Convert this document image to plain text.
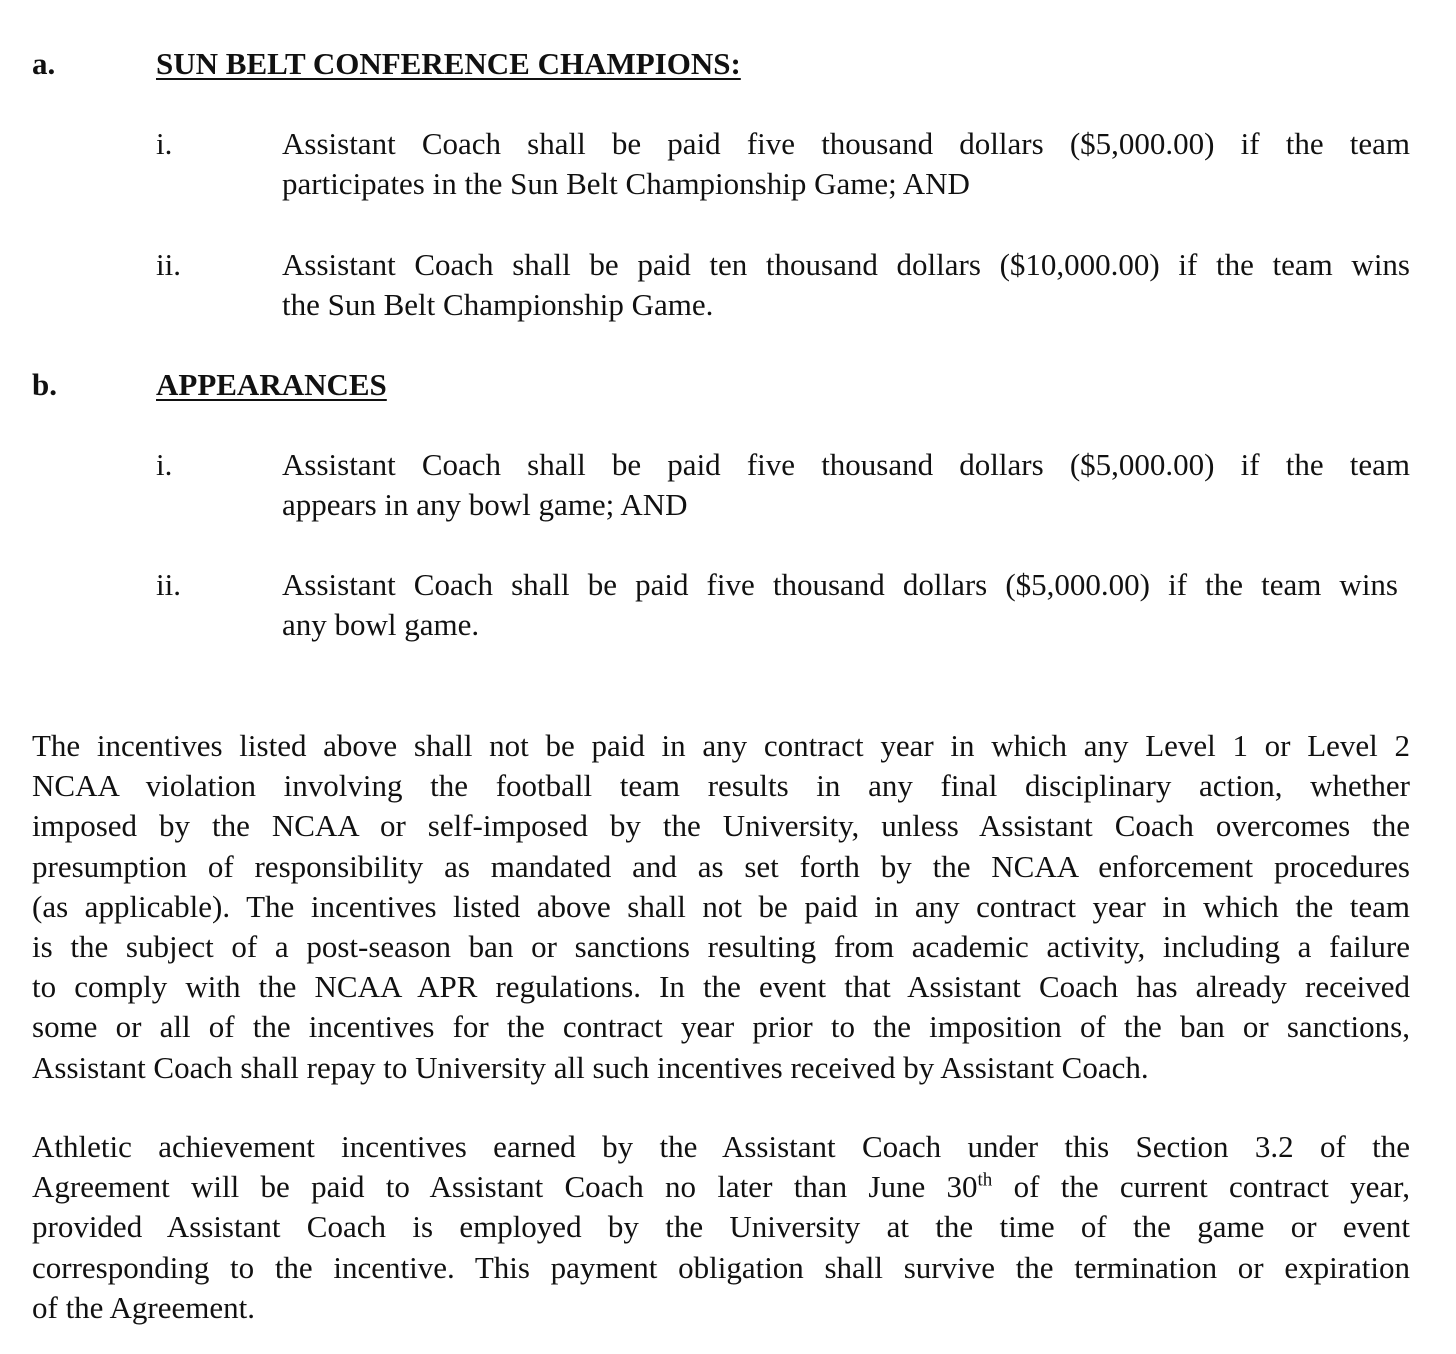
a.	SUN BELT CONFERENCE CHAMPIONS:
i.	Assistant Coach shall be paid five thousand dollars ($5,000.00) if the team
participates in the Sun Belt Championship Game; AND
ii.	Assistant Coach shall be paid ten thousand dollars ($10,000.00) if the team wins
the Sun Belt Championship Game.
b.	APPEARANCES
i.	Assistant Coach shall be paid five thousand dollars ($5,000.00) if the team
appears in any bowl game; AND
ii.	Assistant Coach shall be paid five thousand dollars ($5,000.00) if the team wins
any bowl game.
The incentives listed above shall not be paid in any contract year in which any Level 1 or Level 2
NCAA violation involving the football team results in any final disciplinary action, whether
imposed by the NCAA or self-imposed by the University, unless Assistant Coach overcomes the
presumption of responsibility as mandated and as set forth by the NCAA enforcement procedures
(as applicable). The incentives listed above shall not be paid in any contract year in which the team
is the subject of a post-season ban or sanctions resulting from academic activity, including a failure
to comply with the NCAA APR regulations. In the event that Assistant Coach has already received
some or all of the incentives for the contract year prior to the imposition of the ban or sanctions,
Assistant Coach shall repay to University all such incentives received by Assistant Coach.
Athletic achievement incentives earned by the Assistant Coach under this Section 3.2 of the
Agreement will be paid to Assistant Coach no later than June 30th of the current contract year,
provided Assistant Coach is employed by the University at the time of the game or event
corresponding to the incentive. This payment obligation shall survive the termination or expiration
of the Agreement.
